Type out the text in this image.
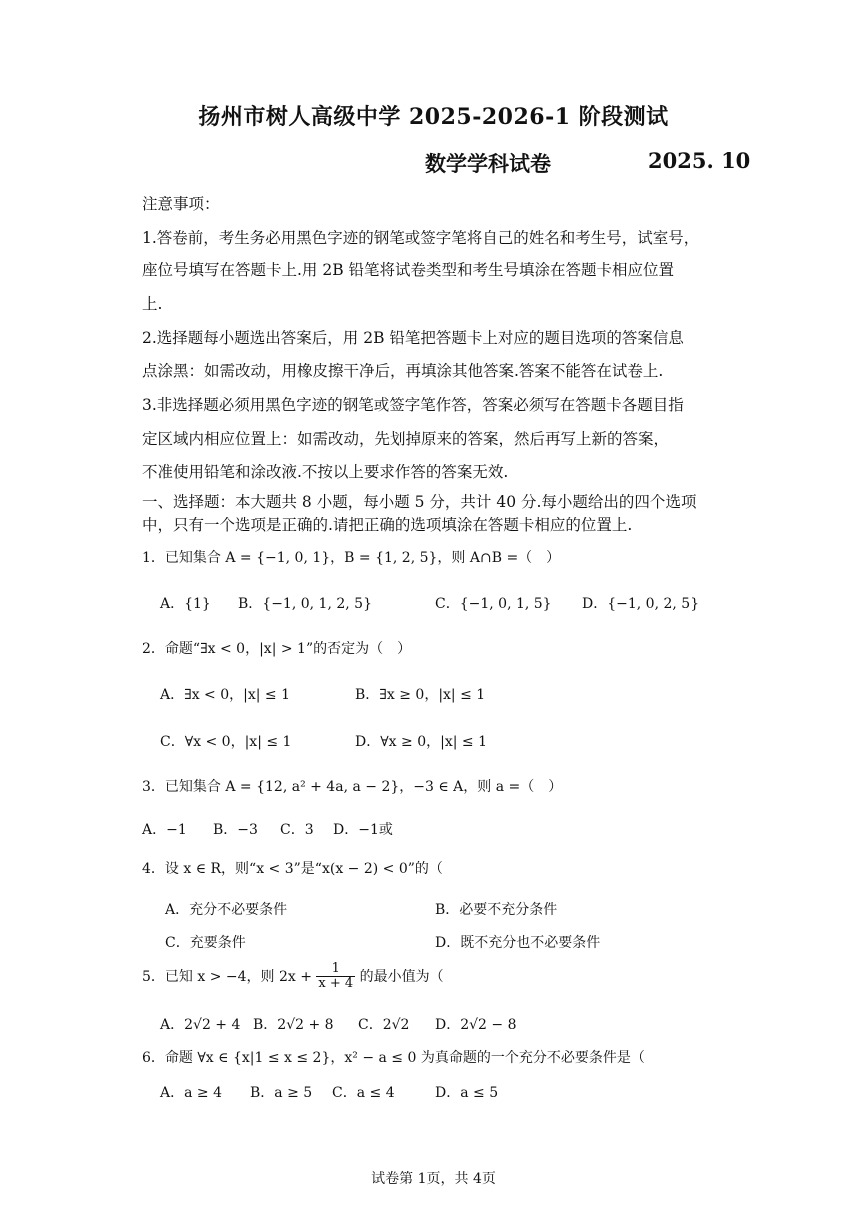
扬州市树人高级中学 2025-2026-1 阶段测试
数学学科试卷	2025. 10
注意事项：
1.答卷前，考生务必用黑色字迹的钢笔或签字笔将自己的姓名和考生号，试室号，
座位号填写在答题卡上.用 2B 铅笔将试卷类型和考生号填涂在答题卡相应位置
上.
2.选择题每小题选出答案后，用 2B 铅笔把答题卡上对应的题目选项的答案信息
点涂黑：如需改动，用橡皮擦干净后，再填涂其他答案.答案不能答在试卷上.
3.非选择题必须用黑色字迹的钢笔或签字笔作答，答案必须写在答题卡各题目指
定区域内相应位置上：如需改动，先划掉原来的答案，然后再写上新的答案，
不准使用铅笔和涂改液.不按以上要求作答的答案无效.
一、选择题：本大题共 8 小题，每小题 5 分，共计 40 分.每小题给出的四个选项
中，只有一个选项是正确的.请把正确的选项填涂在答题卡相应的位置上.
1．已知集合 A = {−1, 0, 1}，B = {1, 2, 5}，则 A∩B =（　）
A．{1} B．{−1, 0, 1, 2, 5}	C．{−1, 0, 1, 5} D．{−1, 0, 2, 5}
2．命题“∃x < 0，|x| > 1”的否定为（　）
A．∃x < 0，|x| ≤ 1	B．∃x ≥ 0，|x| ≤ 1
C．∀x < 0，|x| ≤ 1	D．∀x ≥ 0，|x| ≤ 1
3．已知集合 A = {12, a² + 4a, a − 2}，−3 ∈ A，则 a =（　）
A．−1 B．−3 C．3 D．−1或
4．设 x ∈ R，则“x < 3”是“x(x − 2) < 0”的（
A．充分不必要条件	B．必要不充分条件
C．充要条件	D．既不充分也不必要条件
5．已知 x > −4，则 $2x + \frac{1}{x + 4}$ 的最小值为（
A．2√2 + 4 B．2√2 + 8 C．2√2 D．2√2 − 8
6．命题 ∀x ∈ {x|1 ≤ x ≤ 2}，x² − a ≤ 0 为真命题的一个充分不必要条件是（
A．a ≥ 4 B．a ≥ 5 C．a ≤ 4	D．a ≤ 5
试卷第 1页，共 4页
